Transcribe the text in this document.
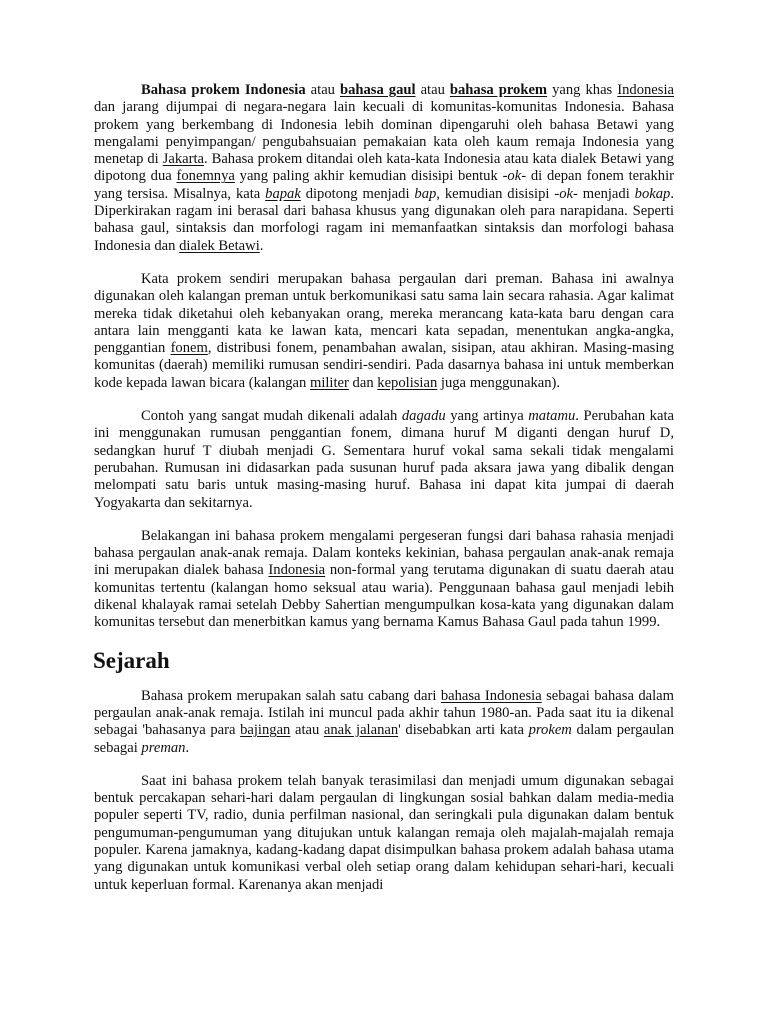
Bahasa prokem Indonesia atau bahasa gaul atau bahasa prokem yang khas Indonesia dan jarang dijumpai di negara-negara lain kecuali di komunitas-komunitas Indonesia. Bahasa prokem yang berkembang di Indonesia lebih dominan dipengaruhi oleh bahasa Betawi yang mengalami penyimpangan/ pengubahsuaian pemakaian kata oleh kaum remaja Indonesia yang menetap di Jakarta. Bahasa prokem ditandai oleh kata-kata Indonesia atau kata dialek Betawi yang dipotong dua fonemnya yang paling akhir kemudian disisipi bentuk -ok- di depan fonem terakhir yang tersisa. Misalnya, kata bapak dipotong menjadi bap, kemudian disisipi -ok- menjadi bokap. Diperkirakan ragam ini berasal dari bahasa khusus yang digunakan oleh para narapidana. Seperti bahasa gaul, sintaksis dan morfologi ragam ini memanfaatkan sintaksis dan morfologi bahasa Indonesia dan dialek Betawi.

Kata prokem sendiri merupakan bahasa pergaulan dari preman. Bahasa ini awalnya digunakan oleh kalangan preman untuk berkomunikasi satu sama lain secara rahasia. Agar kalimat mereka tidak diketahui oleh kebanyakan orang, mereka merancang kata-kata baru dengan cara antara lain mengganti kata ke lawan kata, mencari kata sepadan, menentukan angka-angka, penggantian fonem, distribusi fonem, penambahan awalan, sisipan, atau akhiran. Masing-masing komunitas (daerah) memiliki rumusan sendiri-sendiri. Pada dasarnya bahasa ini untuk memberkan kode kepada lawan bicara (kalangan militer dan kepolisian juga menggunakan).

Contoh yang sangat mudah dikenali adalah dagadu yang artinya matamu. Perubahan kata ini menggunakan rumusan penggantian fonem, dimana huruf M diganti dengan huruf D, sedangkan huruf T diubah menjadi G. Sementara huruf vokal sama sekali tidak mengalami perubahan. Rumusan ini didasarkan pada susunan huruf pada aksara jawa yang dibalik dengan melompati satu baris untuk masing-masing huruf. Bahasa ini dapat kita jumpai di daerah Yogyakarta dan sekitarnya.

Belakangan ini bahasa prokem mengalami pergeseran fungsi dari bahasa rahasia menjadi bahasa pergaulan anak-anak remaja. Dalam konteks kekinian, bahasa pergaulan anak-anak remaja ini merupakan dialek bahasa Indonesia non-formal yang terutama digunakan di suatu daerah atau komunitas tertentu (kalangan homo seksual atau waria). Penggunaan bahasa gaul menjadi lebih dikenal khalayak ramai setelah Debby Sahertian mengumpulkan kosa-kata yang digunakan dalam komunitas tersebut dan menerbitkan kamus yang bernama Kamus Bahasa Gaul pada tahun 1999.

Sejarah

Bahasa prokem merupakan salah satu cabang dari bahasa Indonesia sebagai bahasa dalam pergaulan anak-anak remaja. Istilah ini muncul pada akhir tahun 1980-an. Pada saat itu ia dikenal sebagai 'bahasanya para bajingan atau anak jalanan' disebabkan arti kata prokem dalam pergaulan sebagai preman.

Saat ini bahasa prokem telah banyak terasimilasi dan menjadi umum digunakan sebagai bentuk percakapan sehari-hari dalam pergaulan di lingkungan sosial bahkan dalam media-media populer seperti TV, radio, dunia perfilman nasional, dan seringkali pula digunakan dalam bentuk pengumuman-pengumuman yang ditujukan untuk kalangan remaja oleh majalah-majalah remaja populer. Karena jamaknya, kadang-kadang dapat disimpulkan bahasa prokem adalah bahasa utama yang digunakan untuk komunikasi verbal oleh setiap orang dalam kehidupan sehari-hari, kecuali untuk keperluan formal. Karenanya akan menjadi
